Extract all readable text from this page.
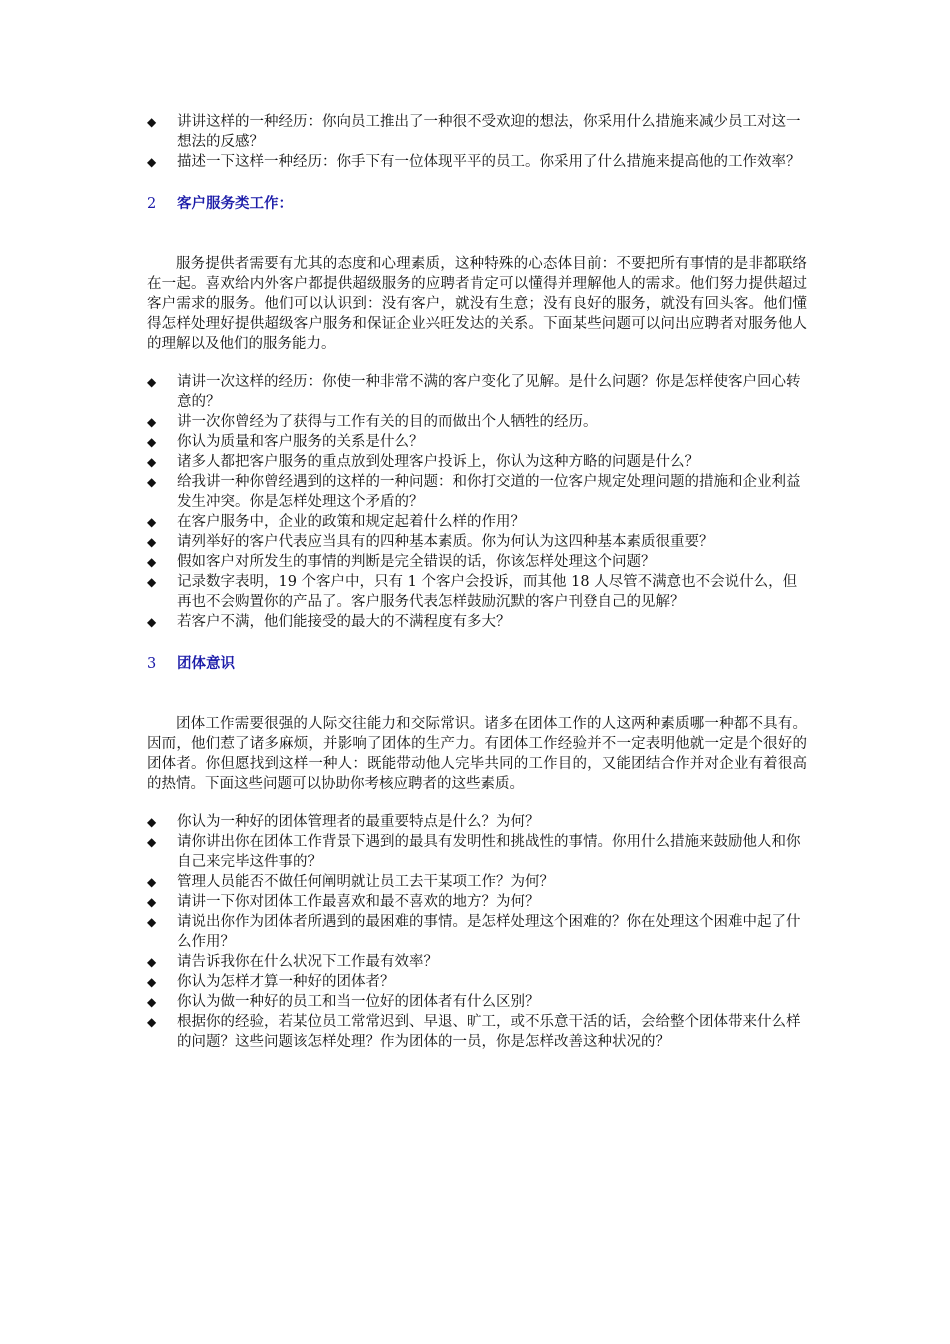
◆ 讲讲这样的一种经历：你向员工推出了一种很不受欢迎的想法，你采用什么措施来减少员工对这一想法的反感？
◆ 描述一下这样一种经历：你手下有一位体现平平的员工。你采用了什么措施来提高他的工作效率？
2 客户服务类工作：

服务提供者需要有尤其的态度和心理素质，这种特殊的心态体目前：不要把所有事情的是非都联络在一起。喜欢给内外客户都提供超级服务的应聘者肯定可以懂得并理解他人的需求。他们努力提供超过客户需求的服务。他们可以认识到：没有客户，就没有生意；没有良好的服务，就没有回头客。他们懂得怎样处理好提供超级客户服务和保证企业兴旺发达的关系。下面某些问题可以问出应聘者对服务他人的理解以及他们的服务能力。

◆ 请讲一次这样的经历：你使一种非常不满的客户变化了见解。是什么问题？你是怎样使客户回心转意的？
◆ 讲一次你曾经为了获得与工作有关的目的而做出个人牺牲的经历。
◆ 你认为质量和客户服务的关系是什么？
◆ 诸多人都把客户服务的重点放到处理客户投诉上，你认为这种方略的问题是什么？
◆ 给我讲一种你曾经遇到的这样的一种问题：和你打交道的一位客户规定处理问题的措施和企业利益发生冲突。你是怎样处理这个矛盾的？
◆ 在客户服务中，企业的政策和规定起着什么样的作用？
◆ 请列举好的客户代表应当具有的四种基本素质。你为何认为这四种基本素质很重要？
◆ 假如客户对所发生的事情的判断是完全错误的话，你该怎样处理这个问题？
◆ 记录数字表明，19 个客户中，只有 1 个客户会投诉，而其他 18 人尽管不满意也不会说什么，但再也不会购置你的产品了。客户服务代表怎样鼓励沉默的客户刊登自己的见解？
◆ 若客户不满，他们能接受的最大的不满程度有多大？
3 团体意识

团体工作需要很强的人际交往能力和交际常识。诸多在团体工作的人这两种素质哪一种都不具有。因而，他们惹了诸多麻烦，并影响了团体的生产力。有团体工作经验并不一定表明他就一定是个很好的团体者。你但愿找到这样一种人：既能带动他人完毕共同的工作目的，又能团结合作并对企业有着很高的热情。下面这些问题可以协助你考核应聘者的这些素质。

◆ 你认为一种好的团体管理者的最重要特点是什么？为何？
◆ 请你讲出你在团体工作背景下遇到的最具有发明性和挑战性的事情。你用什么措施来鼓励他人和你自己来完毕这件事的？
◆ 管理人员能否不做任何阐明就让员工去干某项工作？为何？
◆ 请讲一下你对团体工作最喜欢和最不喜欢的地方？为何？
◆ 请说出你作为团体者所遇到的最困难的事情。是怎样处理这个困难的？你在处理这个困难中起了什么作用？
◆ 请告诉我你在什么状况下工作最有效率？
◆ 你认为怎样才算一种好的团体者？
◆ 你认为做一种好的员工和当一位好的团体者有什么区别？
◆ 根据你的经验，若某位员工常常迟到、早退、旷工，或不乐意干活的话，会给整个团体带来什么样的问题？这些问题该怎样处理？作为团体的一员，你是怎样改善这种状况的？
